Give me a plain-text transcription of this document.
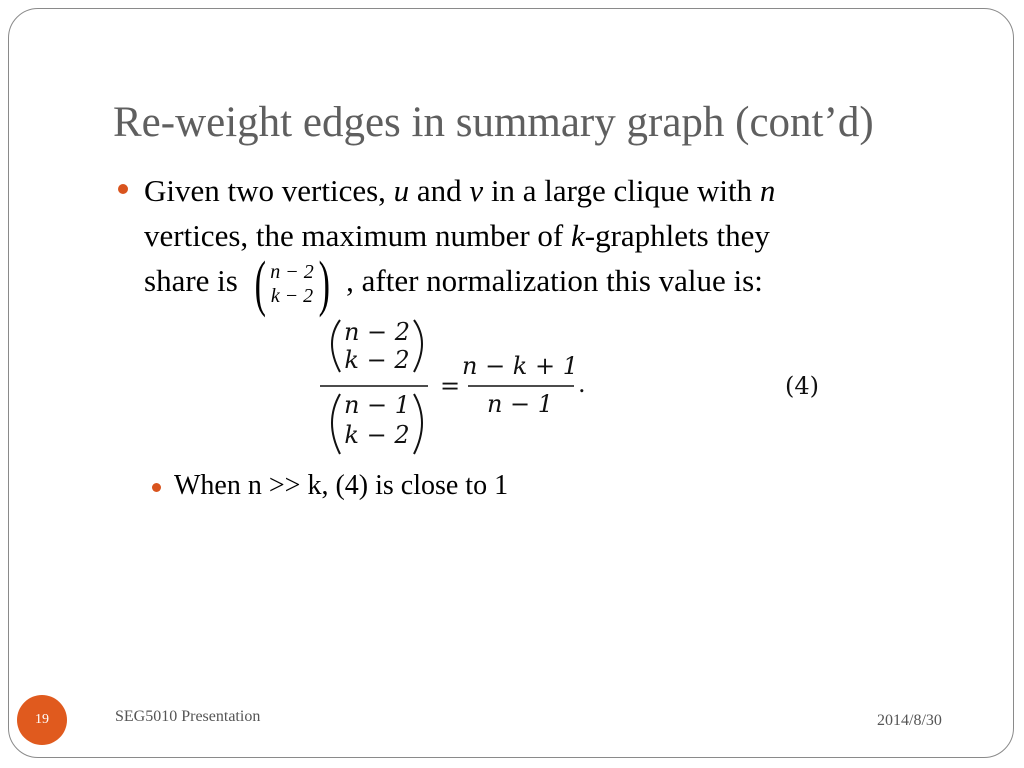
Re-weight edges in summary graph (cont’d)
Given two vertices, u and v in a large clique with n
vertices, the maximum number of k-graphlets they
share is ( n − 2
k − 2 ) , after normalization this value is:
n − 2
k − 2
n − 1
k − 2
=
n − k + 1
n − 1
.	(4)
When n >> k, (4) is close to 1
19	SEG5010 Presentation	2014/8/30
